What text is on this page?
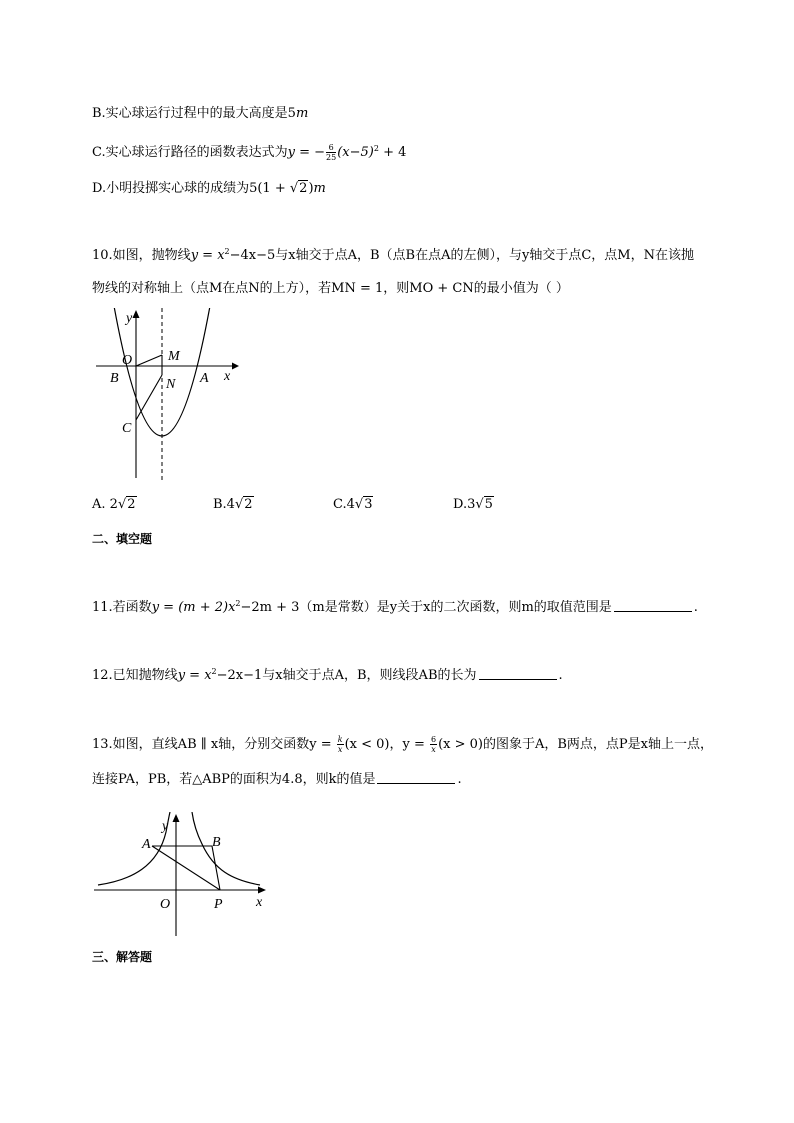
B.实心球运行过程中的最大高度是5m
C.实心球运行路径的函数表达式为y = − $\frac{6}{25} (x-5)^2 + 4$
D.小明投掷实心球的成绩为5(1 + √2)m
10.如图，抛物线$y = x^2-4x-5$与x轴交于点A，B（点B在点A的左侧），与y轴交于点C，点M，N在该抛
物线的对称轴上（点M在点N的上方），若MN = 1，则MO + CN的最小值为（ ）
y
x
O	M
B	N A
C
A. 2√2	B.4√2	C.4√3	D.3√5
二、填空题
11.若函数$y = (m + 2)x^2-2m + 3(m$是常数）是y关于x的二次函数，则m的取值范围是	.
12.已知抛物线$y = x^2-2x-1$与x轴交于点A，B，则线段AB的长为	.
13.如图，直线AB ∥ x轴，分别交函数$y = \frac{k}{x} (x < 0)$，$y = \frac{6}{x} (x > 0)$的图象于A，B两点，点P是x轴上一点，
连接PA，PB，若△ABP的面积为4.8，则k的值是	.
y
A	B
O	P x
三、解答题
